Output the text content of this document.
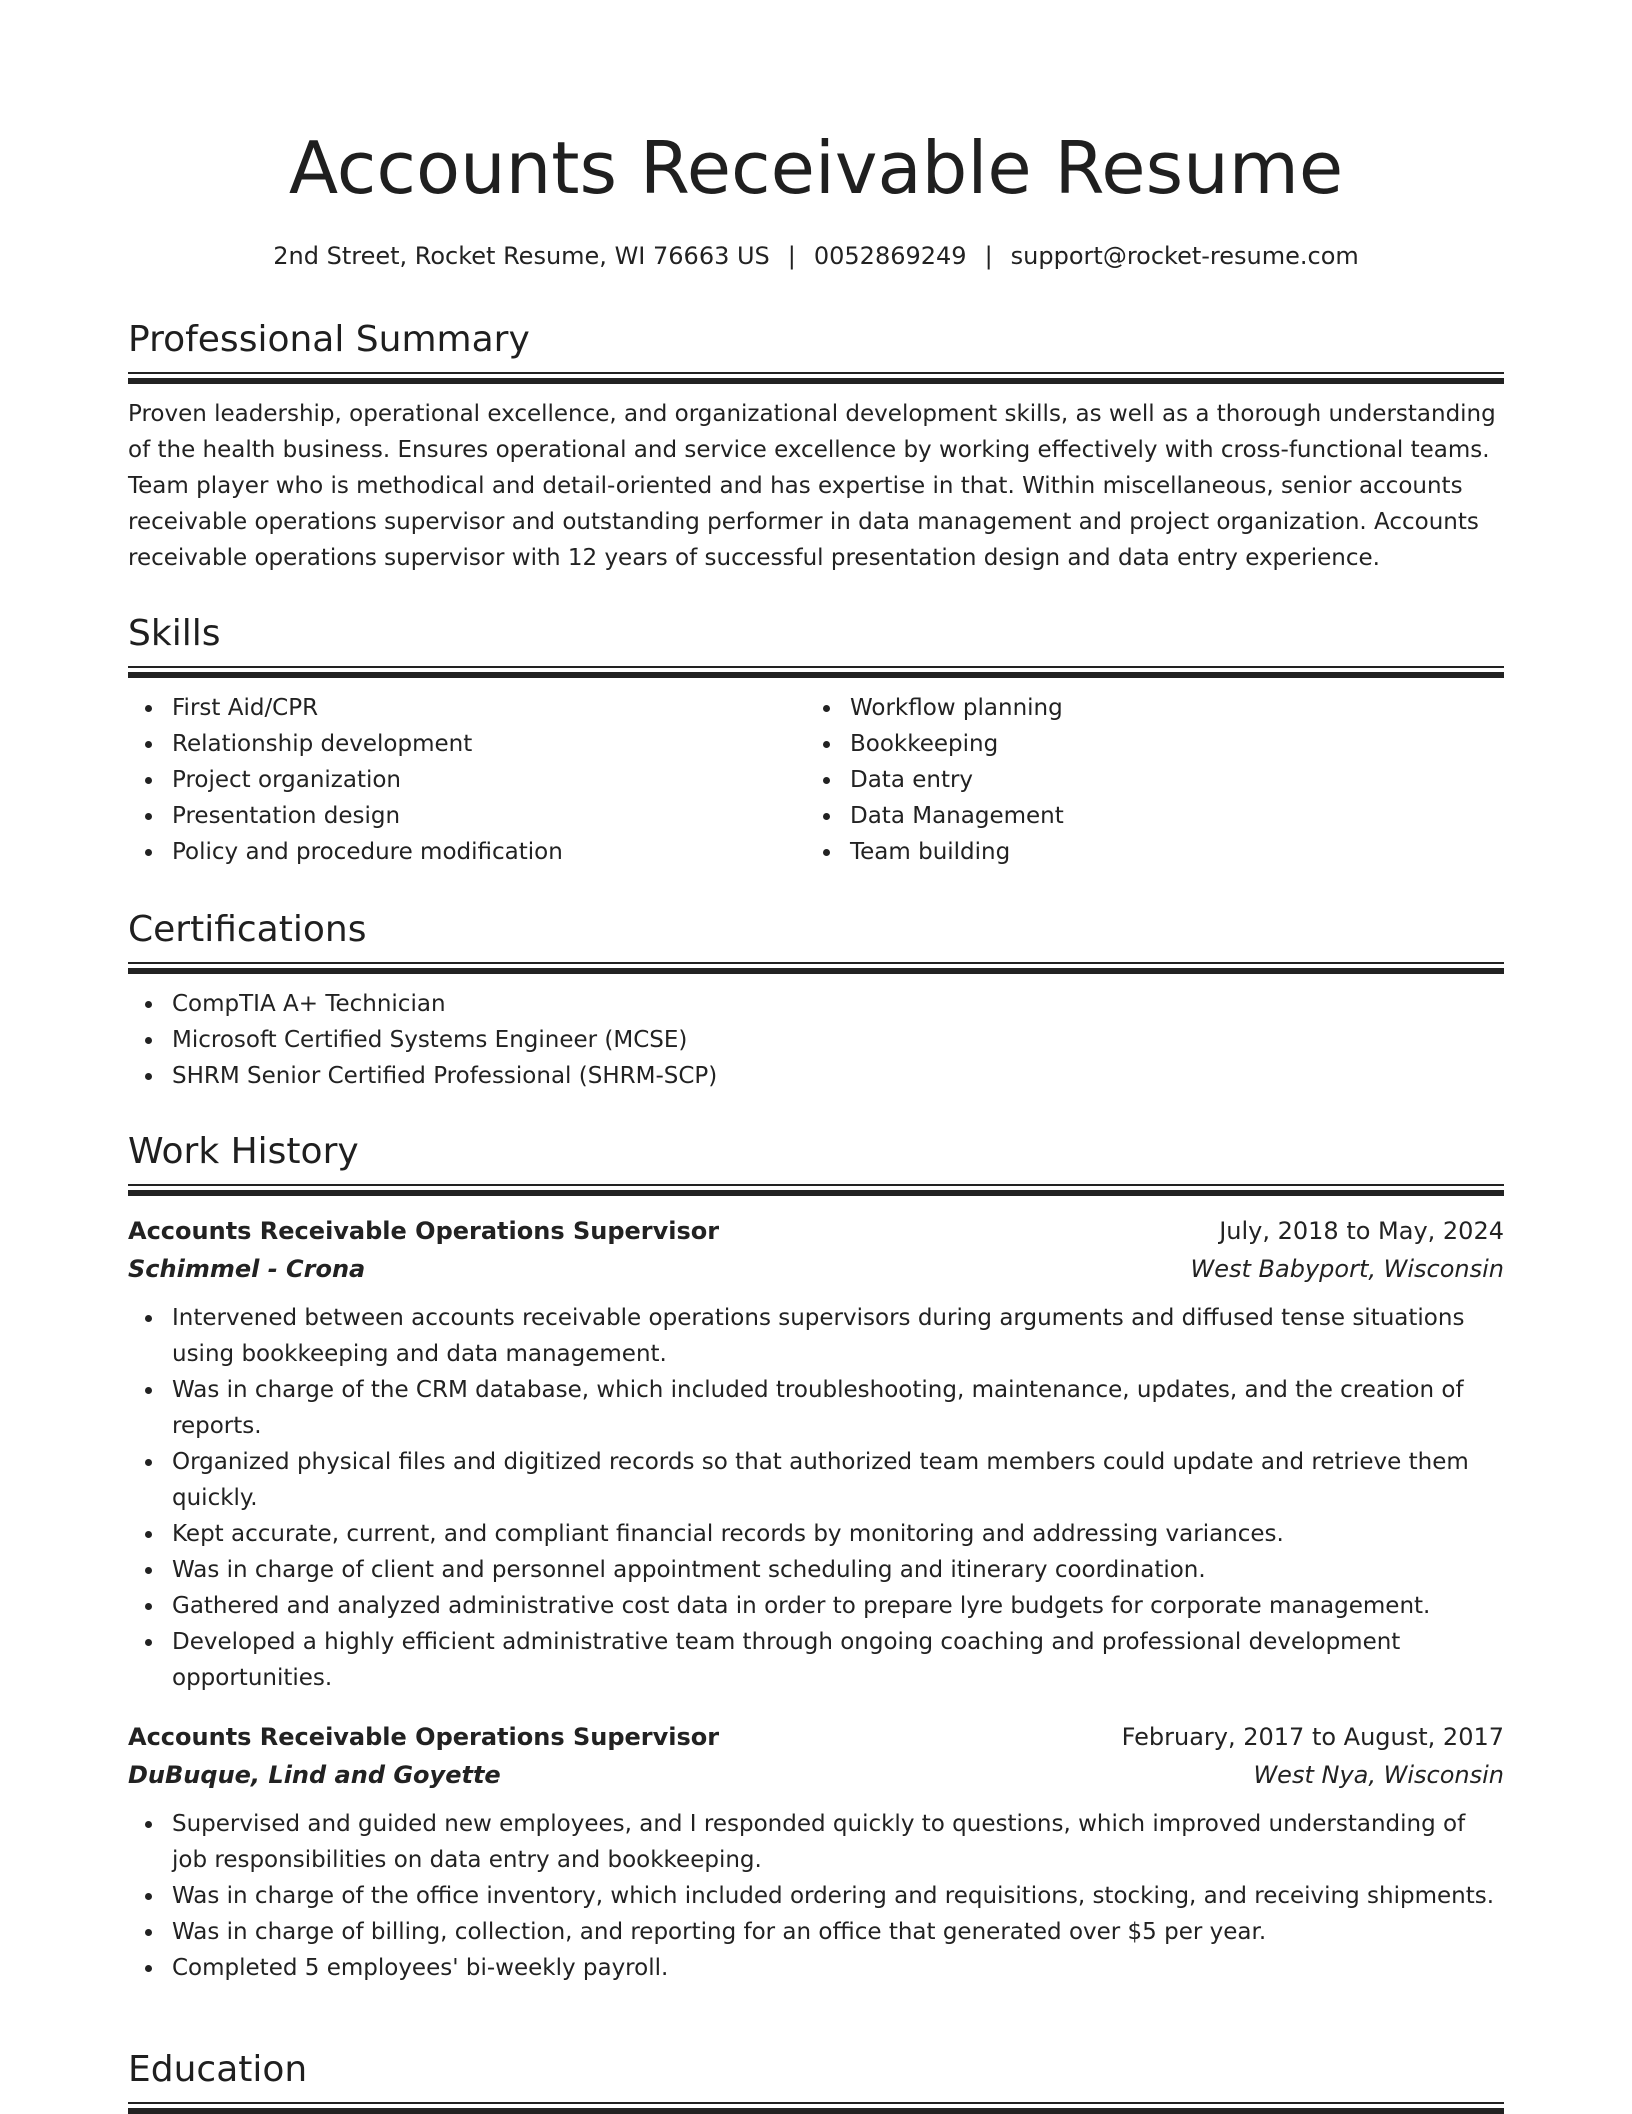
Accounts Receivable Resume
2nd Street, Rocket Resume, WI 76663 US | 0052869249 | support@rocket-resume.com
Professional Summary

Proven leadership, operational excellence, and organizational development skills, as well as a thorough understanding of the health business. Ensures operational and service excellence by working effectively with cross-functional teams. Team player who is methodical and detail-oriented and has expertise in that. Within miscellaneous, senior accounts receivable operations supervisor and outstanding performer in data management and project organization. Accounts receivable operations supervisor with 12 years of successful presentation design and data entry experience.

Skills
First Aid/CPR
Relationship development
Project organization
Presentation design
Policy and procedure modification
Workflow planning
Bookkeeping
Data entry
Data Management
Team building
Certifications
CompTIA A+ Technician
Microsoft Certified Systems Engineer (MCSE)
SHRM Senior Certified Professional (SHRM-SCP)
Work History
Accounts Receivable Operations Supervisor	July, 2018 to May, 2024
Schimmel - Crona	West Babyport, Wisconsin
Intervened between accounts receivable operations supervisors during arguments and diffused tense situations using bookkeeping and data management.
Was in charge of the CRM database, which included troubleshooting, maintenance, updates, and the creation of reports.
Organized physical files and digitized records so that authorized team members could update and retrieve them quickly.
Kept accurate, current, and compliant financial records by monitoring and addressing variances.
Was in charge of client and personnel appointment scheduling and itinerary coordination.
Gathered and analyzed administrative cost data in order to prepare lyre budgets for corporate management.
Developed a highly efficient administrative team through ongoing coaching and professional development opportunities.
Accounts Receivable Operations Supervisor	February, 2017 to August, 2017
DuBuque, Lind and Goyette	West Nya, Wisconsin
Supervised and guided new employees, and I responded quickly to questions, which improved understanding of job responsibilities on data entry and bookkeeping.
Was in charge of the office inventory, which included ordering and requisitions, stocking, and receiving shipments.
Was in charge of billing, collection, and reporting for an office that generated over $5 per year.
Completed 5 employees' bi-weekly payroll.
Education
